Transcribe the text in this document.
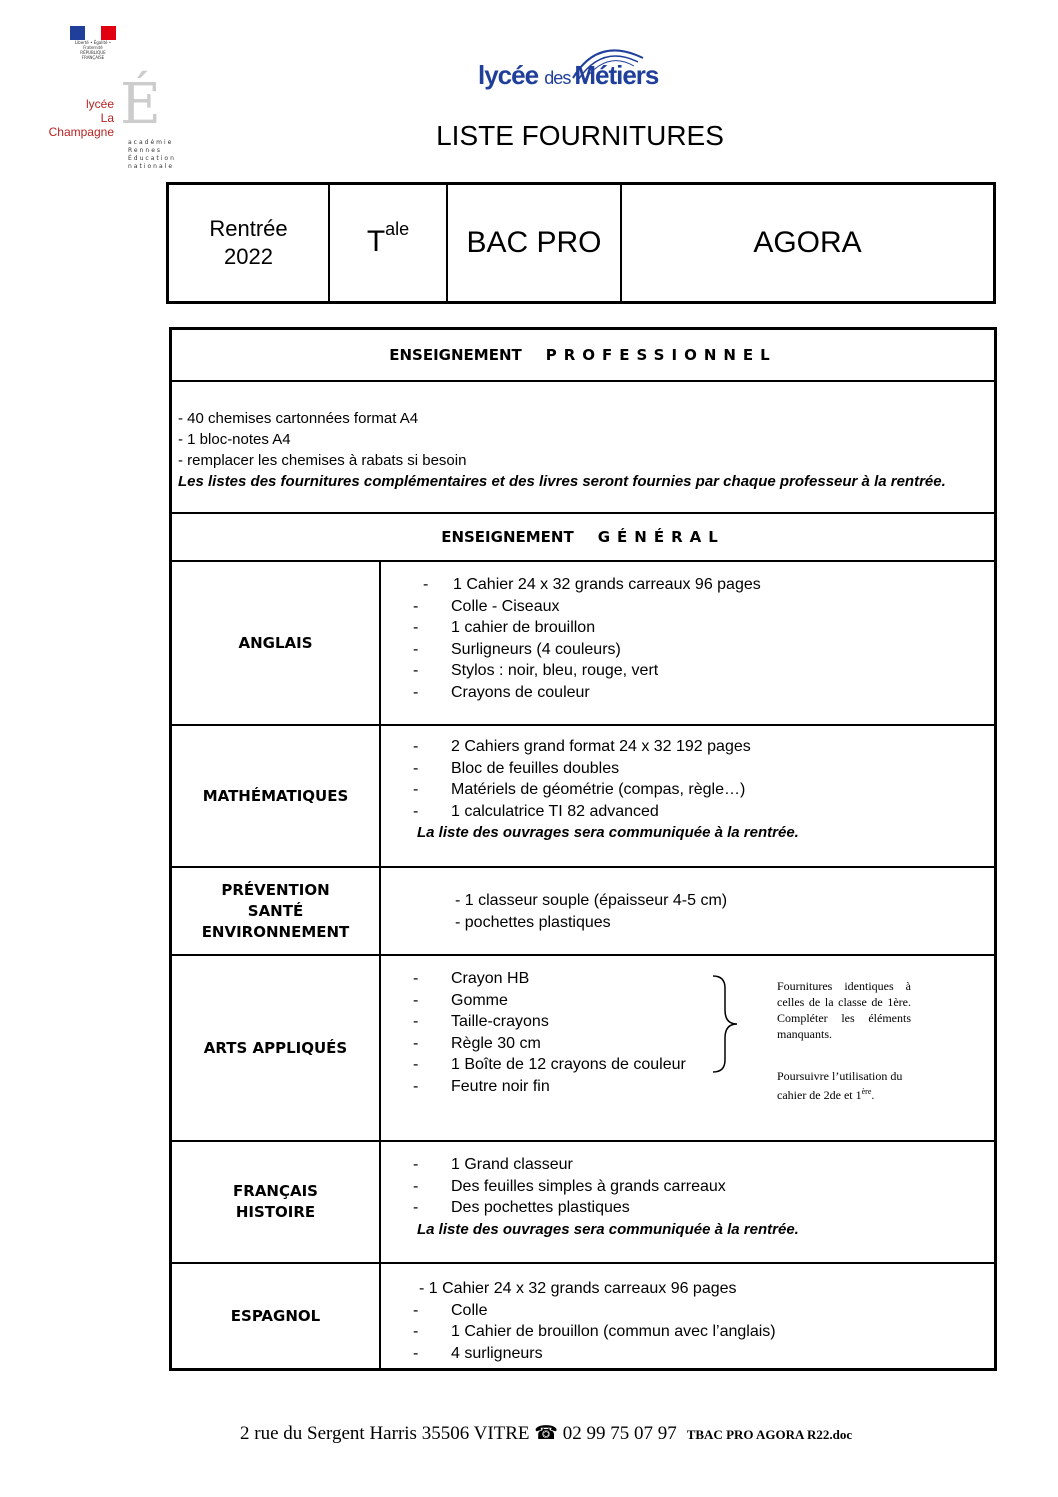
Liberté • Égalité • Fraternité RÉPUBLIQUE FRANÇAISE
É
lycée
La Champagne
académie
Rennes
Éducation
nationale
lycée des Métiers
LISTE FOURNITURES
Rentrée
2022	$T^{ale}$	BAC PRO	AGORA
ENSEIGNEMENT PROFESSIONNEL
- 40 chemises cartonnées format A4
- 1 bloc-notes A4
- remplacer les chemises à rabats si besoin
Les listes des fournitures complémentaires et des livres seront fournies par chaque professeur à la rentrée.
ENSEIGNEMENT GÉNÉRAL
ANGLAIS
-	1 Cahier 24 x 32 grands carreaux 96 pages
-	Colle - Ciseaux
-	1 cahier de brouillon
-	Surligneurs (4 couleurs)
-	Stylos : noir, bleu, rouge, vert
-	Crayons de couleur
MATHÉMATIQUES
-	2 Cahiers grand format 24 x 32 192 pages
-	Bloc de feuilles doubles
-	Matériels de géométrie (compas, règle…)
-	1 calculatrice TI 82 advanced
La liste des ouvrages sera communiquée à la rentrée.
PRÉVENTION
SANTÉ
ENVIRONNEMENT
- 1 classeur souple (épaisseur 4-5 cm)
- pochettes plastiques
ARTS APPLIQUÉS
-	Crayon HB
-	Gomme
-	Taille-crayons
-	Règle 30 cm
-	1 Boîte de 12 crayons de couleur
-	Feutre noir fin
Fournitures identiques à celles de la classe de 1ère. Compléter les éléments manquants.
Poursuivre l’utilisation du cahier de 2de et 1ère.
FRANÇAIS
HISTOIRE
-	1 Grand classeur
-	Des feuilles simples à grands carreaux
-	Des pochettes plastiques
La liste des ouvrages sera communiquée à la rentrée.
ESPAGNOL
- 1 Cahier 24 x 32 grands carreaux 96 pages
-	Colle
-	1 Cahier de brouillon (commun avec l’anglais)
-	4 surligneurs
2 rue du Sergent Harris 35506 VITRE ☎ 02 99 75 07 97 TBAC PRO AGORA R22.doc
